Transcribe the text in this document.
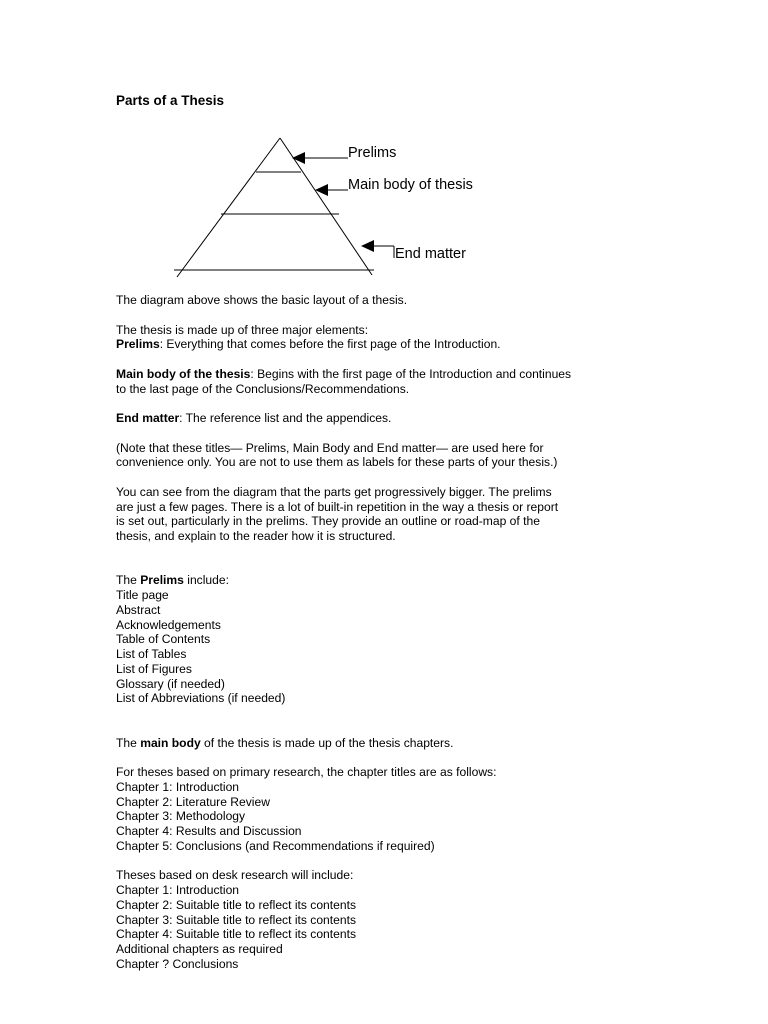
Parts of a Thesis
Prelims
Main body of thesis
End matter

The diagram above shows the basic layout of a thesis.

The thesis is made up of three major elements:
Prelims: Everything that comes before the first page of the Introduction.

Main body of the thesis: Begins with the first page of the Introduction and continues
to the last page of the Conclusions/Recommendations.

End matter: The reference list and the appendices.

(Note that these titles— Prelims, Main Body and End matter— are used here for
convenience only. You are not to use them as labels for these parts of your thesis.)

You can see from the diagram that the parts get progressively bigger. The prelims
are just a few pages. There is a lot of built-in repetition in the way a thesis or report
is set out, particularly in the prelims. They provide an outline or road-map of the
thesis, and explain to the reader how it is structured.

The Prelims include:
Title page
Abstract
Acknowledgements
Table of Contents
List of Tables
List of Figures
Glossary (if needed)
List of Abbreviations (if needed)

The main body of the thesis is made up of the thesis chapters.

For theses based on primary research, the chapter titles are as follows:
Chapter 1: Introduction
Chapter 2: Literature Review
Chapter 3: Methodology
Chapter 4: Results and Discussion
Chapter 5: Conclusions (and Recommendations if required)

Theses based on desk research will include:
Chapter 1: Introduction
Chapter 2: Suitable title to reflect its contents
Chapter 3: Suitable title to reflect its contents
Chapter 4: Suitable title to reflect its contents
Additional chapters as required
Chapter ? Conclusions
